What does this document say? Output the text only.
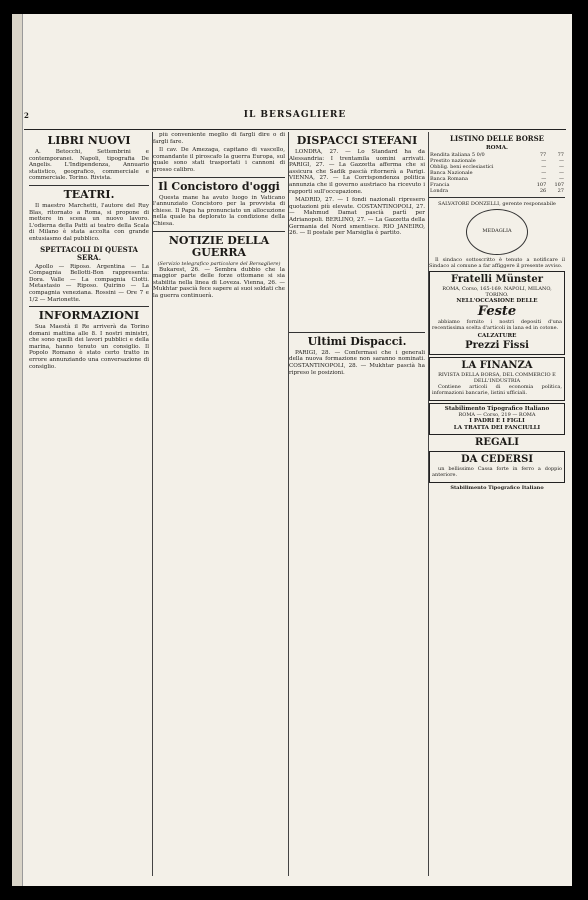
2	IL BERSAGLIERE
LIBRI NUOVI

A. Betocchi, Settembrini e contemporanei. Napoli, tipografia De Angelis. L'Indipendenza, Annuario statistico, geografico, commerciale e commerciale. Torino. Rivista.

TEATRI.

Il maestro Marchetti, l'autore del Ruy Blas, ritornato a Roma, si propone di mettere in scena un nuovo lavoro. L'odierna della Patti ai teatro della Scala di Milano è stata accolta con grande entusiasmo dal pubblico.

SPETTACOLI DI QUESTA SERA.

Apollo — Riposo. Argentina — La Compagnia Bellotti-Bon rappresenta: Dora. Valle — La compagnia Ciotti. Metastasio — Riposo. Quirino — La compagnia veneziana. Rossini — Ore 7 e 1/2 — Marionette.

INFORMAZIONI

Sua Maestà il Re arriverà da Torino domani mattina alle 8. I nostri ministri, che sono quelli dei lavori pubblici e della marina, hanno tenuto un consiglio. Il Popolo Romano è stato certo tratto in errore annunziando una conversazione di consiglio.

più conveniente meglio di fargli dire o di fargli fare.

Il cav. De Amezaga, capitano di vascello, comandante il piroscafo la guerra Europa, sul quale sono stati trasportati i cannoni di grosso calibro.

Il Concistoro d'oggi

Questa mane ha avuto luogo in Vaticano l'annunziato Concistoro per la provvista di chiese. Il Papa ha pronunciato un allocuzione nella quale ha deplorato la condizione della Chiesa.

NOTIZIE DELLA GUERRA
(Servizio telegrafico particolare del Bersagliere)

Bukarest, 26. — Sembra dubbio che la maggior parte delle forze ottomane si sia stabilita nella linea di Loveza. Vienna, 26. — Mukhtar pascià fece sapere ai suoi soldati che la guerra continuerà.

DISPACCI STEFANI

LONDRA, 27. — Lo Standard ha da Alessandria: I trentamila uomini arrivati. PARIGI, 27. — La Gazzetta afferma che si assicura che Sadik pascià ritornerà a Parigi. VIENNA, 27. — La Corrispondenza politica annunzia che il governo austriaco ha ricevuto i rapporti sull'occupazione.

MADRID, 27. — I fondi nazionali ripresero quotazioni più elevate. COSTANTINOPOLI, 27. — Mahmud Damat pascià partì per Adrianopoli. BERLINO, 27. — La Gazzetta della Germania del Nord smentisce. RIO JANEIRO, 26. — Il postale per Marsiglia è partito.

Ultimi Dispacci.

PARIGI, 28. — Confermasi che i generali della nuova formazione non saranno nominati. COSTANTINOPOLI, 28. — Mukhtar pascià ha ripreso le posizioni.

LISTINO DELLE BORSE
ROMA.
Rendita italiana 5 0/0	77	77
Prestito nazionale	—	—
Obblig. beni ecclesiastici	—	—
Banca Nazionale	—	—
Banca Romana	—	—
Francia	107	107
Londra	26	27
SALVATORE DONZELLI, gerente responsabile
MEDAGLIA

Il sindaco sottoscritto è tenuto a notificare il Sindaco al comune a far affiggere il presente avviso.

Fratelli Münster
ROMA, Corso, 165-169. NAPOLI, MILANO, TORINO.
NELL'OCCASIONE DELLE
Feste

abbiamo fornito i nostri depositi d'una recentissima scelta d'articoli in lana ed in cotone.

CALZATURE
Prezzi Fissi
LA FINANZA
RIVISTA DELLA BORSA, DEL COMMERCIO E DELL'INDUSTRIA

Contiene articoli di economia politica, informazioni bancarie, listini ufficiali.

Stabilimento Tipografico Italiano
ROMA — Corso, 219 — ROMA
I PADRI E I FIGLI
LA TRATTA DEI FANCIULLI
REGALI
DA CEDERSI

un bellissimo Cassa forte in ferro a doppio anteriore.

Stabilimento Tipografico Italiano
